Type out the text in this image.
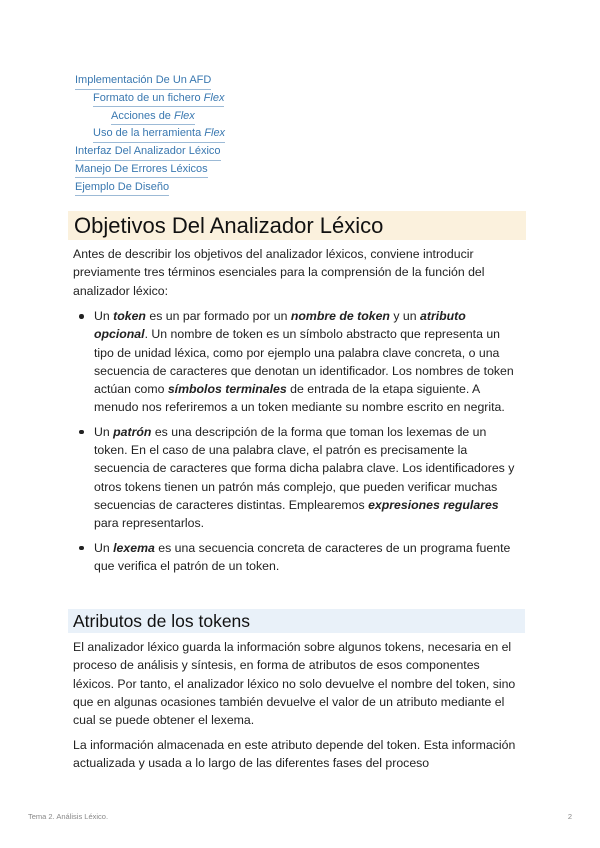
Implementación De Un AFD
Formato de un fichero Flex
Acciones de Flex
Uso de la herramienta Flex
Interfaz Del Analizador Léxico
Manejo De Errores Léxicos
Ejemplo De Diseño
Objetivos Del Analizador Léxico

Antes de describir los objetivos del analizador léxicos, conviene introducir previamente tres términos esenciales para la comprensión de la función del analizador léxico:

Un token es un par formado por un nombre de token y un atributo opcional. Un nombre de token es un símbolo abstracto que representa un tipo de unidad léxica, como por ejemplo una palabra clave concreta, o una secuencia de caracteres que denotan un identificador. Los nombres de token actúan como símbolos terminales de entrada de la etapa siguiente. A menudo nos referiremos a un token mediante su nombre escrito en negrita.
Un patrón es una descripción de la forma que toman los lexemas de un token. En el caso de una palabra clave, el patrón es precisamente la secuencia de caracteres que forma dicha palabra clave. Los identificadores y otros tokens tienen un patrón más complejo, que pueden verificar muchas secuencias de caracteres distintas. Emplearemos expresiones regulares para representarlos.
Un lexema es una secuencia concreta de caracteres de un programa fuente que verifica el patrón de un token.
Atributos de los tokens

El analizador léxico guarda la información sobre algunos tokens, necesaria en el proceso de análisis y síntesis, en forma de atributos de esos componentes léxicos. Por tanto, el analizador léxico no solo devuelve el nombre del token, sino que en algunas ocasiones también devuelve el valor de un atributo mediante el cual se puede obtener el lexema.

La información almacenada en este atributo depende del token. Esta información actualizada y usada a lo largo de las diferentes fases del proceso

Tema 2. Análisis Léxico.	2
